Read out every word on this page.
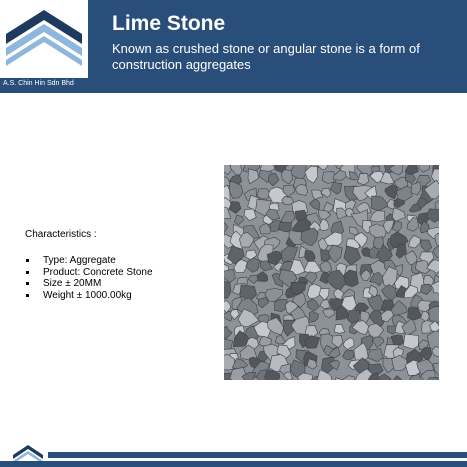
A.S. Chin Hin Sdn Bhd
Lime Stone
Known as crushed stone or angular stone is a form of construction aggregates
Characteristics :
Type: Aggregate
Product: Concrete Stone
Size ± 20MM
Weight ± 1000.00kg
